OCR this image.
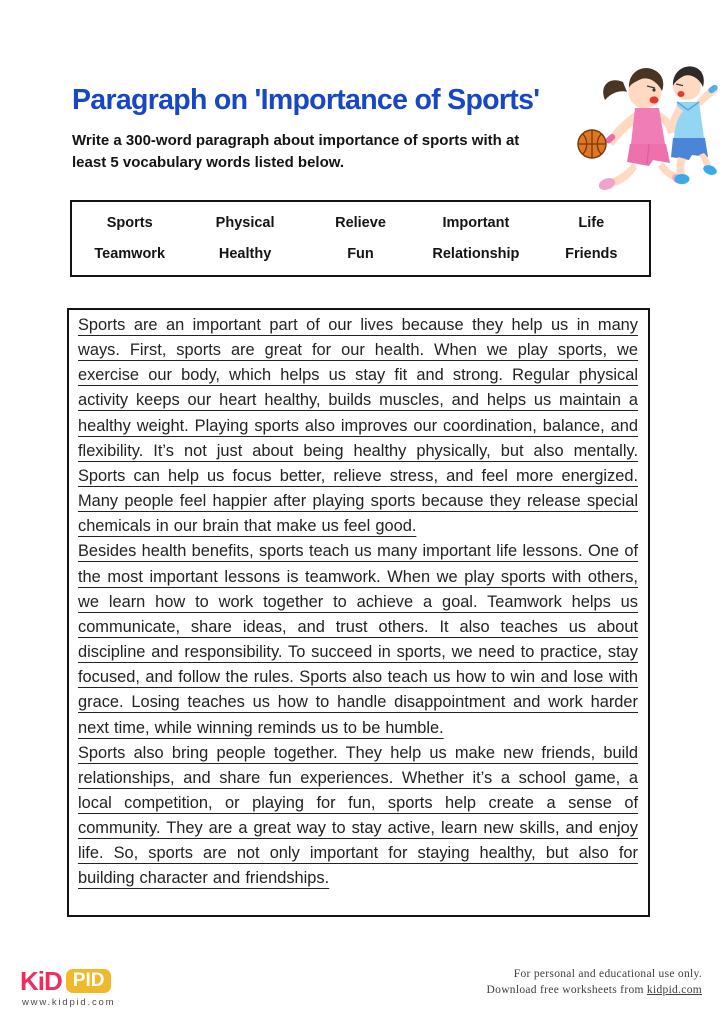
Paragraph on 'Importance of Sports'

Write a 300-word paragraph about importance of sports with at least 5 vocabulary words listed below.

Sports	Physical	Relieve	Important	Life
Teamwork	Healthy	Fun	Relationship	Friends

Sports are an important part of our lives because they help us in many ways. First, sports are great for our health. When we play sports, we exercise our body, which helps us stay fit and strong. Regular physical activity keeps our heart healthy, builds muscles, and helps us maintain a healthy weight. Playing sports also improves our coordination, balance, and flexibility. It’s not just about being healthy physically, but also mentally. Sports can help us focus better, relieve stress, and feel more energized. Many people feel happier after playing sports because they release special chemicals in our brain that make us feel good.

Besides health benefits, sports teach us many important life lessons. One of the most important lessons is teamwork. When we play sports with others, we learn how to work together to achieve a goal. Teamwork helps us communicate, share ideas, and trust others. It also teaches us about discipline and responsibility. To succeed in sports, we need to practice, stay focused, and follow the rules. Sports also teach us how to win and lose with grace. Losing teaches us how to handle disappointment and work harder next time, while winning reminds us to be humble.

Sports also bring people together. They help us make new friends, build relationships, and share fun experiences. Whether it’s a school game, a local competition, or playing for fun, sports help create a sense of community. They are a great way to stay active, learn new skills, and enjoy life. So, sports are not only important for staying healthy, but also for building character and friendships.

KiD PID
www.kidpid.com
For personal and educational use only.
Download free worksheets from kidpid.com
